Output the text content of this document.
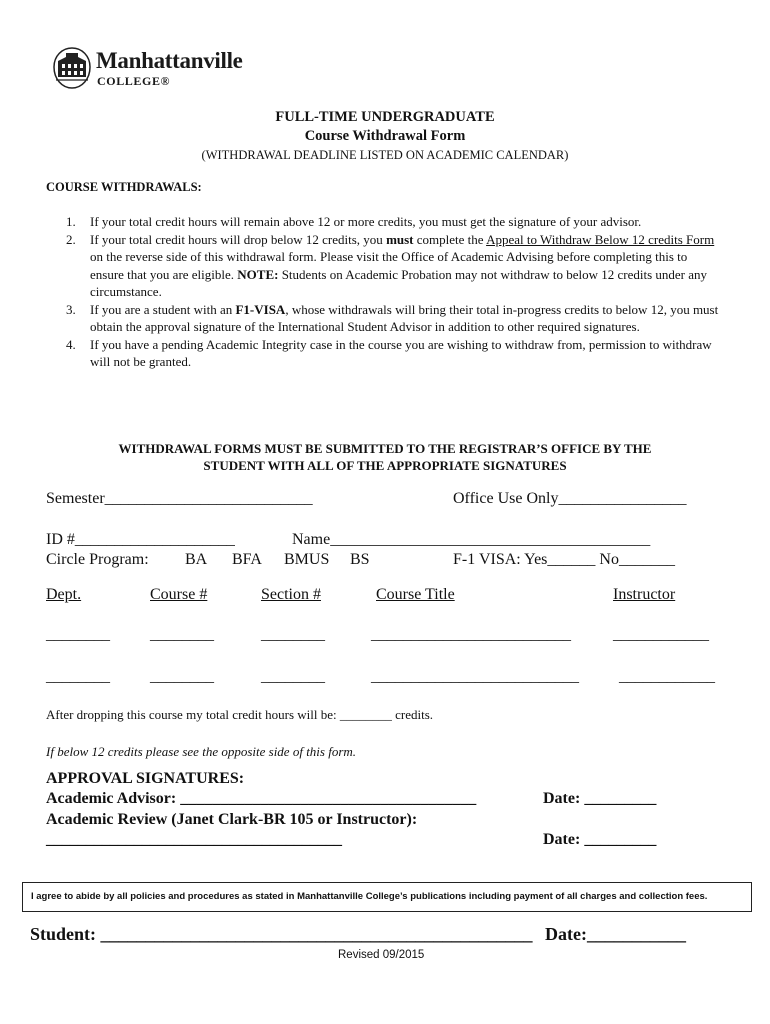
Manhattanville
COLLEGE®
FULL-TIME UNDERGRADUATE
Course Withdrawal Form
(WITHDRAWAL DEADLINE LISTED ON ACADEMIC CALENDAR)
COURSE WITHDRAWALS:
1. If your total credit hours will remain above 12 or more credits, you must get the signature of your advisor.
2. If your total credit hours will drop below 12 credits, you must complete the Appeal to Withdraw Below 12 credits Form on the reverse side of this withdrawal form. Please visit the Office of Academic Advising before completing this to ensure that you are eligible. NOTE: Students on Academic Probation may not withdraw to below 12 credits under any circumstance.
3. If you are a student with an F1-VISA, whose withdrawals will bring their total in-progress credits to below 12, you must obtain the approval signature of the International Student Advisor in addition to other required signatures.
4. If you have a pending Academic Integrity case in the course you are wishing to withdraw from, permission to withdraw will not be granted.
WITHDRAWAL FORMS MUST BE SUBMITTED TO THE REGISTRAR’S OFFICE BY THE
STUDENT WITH ALL OF THE APPROPRIATE SIGNATURES
Semester__________________________	Office Use Only________________
ID #____________________	Name________________________________________
Circle Program: BA BFA BMUS BS	F-1 VISA: Yes______ No_______
Dept.	Course #	Section #	Course Title	Instructor
________	________	________	_________________________	____________
________	________	________	__________________________	____________
After dropping this course my total credit hours will be: ________ credits.
If below 12 credits please see the opposite side of this form.
APPROVAL SIGNATURES:
Academic Advisor: _____________________________________	Date: _________
Academic Review (Janet Clark-BR 105 or Instructor):
_____________________________________	Date: _________
I agree to abide by all policies and procedures as stated in Manhattanville College’s publications including payment of all charges and collection fees.
Student: ________________________________________________ Date:___________
Revised 09/2015
